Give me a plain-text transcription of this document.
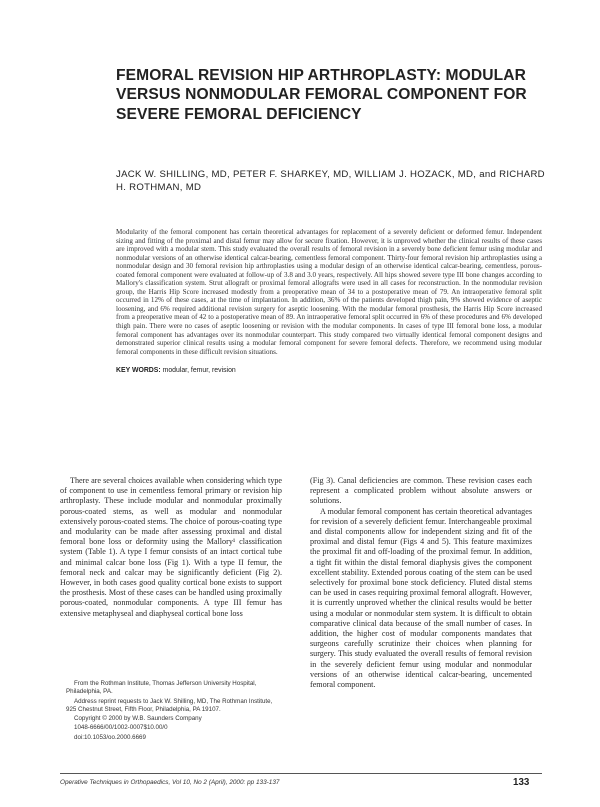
FEMORAL REVISION HIP ARTHROPLASTY: MODULAR VERSUS NONMODULAR FEMORAL COMPONENT FOR SEVERE FEMORAL DEFICIENCY

JACK W. SHILLING, MD, PETER F. SHARKEY, MD, WILLIAM J. HOZACK, MD, and RICHARD H. ROTHMAN, MD

Modularity of the femoral component has certain theoretical advantages for replacement of a severely deficient or deformed femur. Independent sizing and fitting of the proximal and distal femur may allow for secure fixation. However, it is unproved whether the clinical results of these cases are improved with a modular stem. This study evaluated the overall results of femoral revision in a severely bone deficient femur using modular and nonmodular versions of an otherwise identical calcar-bearing, cementless femoral component. Thirty-four femoral revision hip arthroplasties using a nonmodular design and 30 femoral revision hip arthroplasties using a modular design of an otherwise identical calcar-bearing, cementless, porous-coated femoral component were evaluated at follow-up of 3.8 and 3.0 years, respectively. All hips showed severe type III bone changes according to Mallory's classification system. Strut allograft or proximal femoral allografts were used in all cases for reconstruction. In the nonmodular revision group, the Harris Hip Score increased modestly from a preoperative mean of 34 to a postoperative mean of 79. An intraoperative femoral split occurred in 12% of these cases, at the time of implantation. In addition, 36% of the patients developed thigh pain, 9% showed evidence of aseptic loosening, and 6% required additional revision surgery for aseptic loosening. With the modular femoral prosthesis, the Harris Hip Score increased from a preoperative mean of 42 to a postoperative mean of 89. An intraoperative femoral split occurred in 6% of these procedures and 6% developed thigh pain. There were no cases of aseptic loosening or revision with the modular components. In cases of type III femoral bone loss, a modular femoral component has advantages over its nonmodular counterpart. This study compared two virtually identical femoral component designs and demonstrated superior clinical results using a modular femoral component for severe femoral defects. Therefore, we recommend using modular femoral components in these difficult revision situations.

KEY WORDS: modular, femur, revision

There are several choices available when considering which type of component to use in cementless femoral primary or revision hip arthroplasty. These include modular and nonmodular proximally porous-coated stems, as well as modular and nonmodular extensively porous-coated stems. The choice of porous-coating type and modularity can be made after assessing proximal and distal femoral bone loss or deformity using the Mallory¹ classification system (Table 1). A type I femur consists of an intact cortical tube and minimal calcar bone loss (Fig 1). With a type II femur, the femoral neck and calcar may be significantly deficient (Fig 2). However, in both cases good quality cortical bone exists to support the prosthesis. Most of these cases can be handled using proximally porous-coated, nonmodular components. A type III femur has extensive metaphyseal and diaphyseal cortical bone loss

(Fig 3). Canal deficiencies are common. These revision cases each represent a complicated problem without absolute answers or solutions.

A modular femoral component has certain theoretical advantages for revision of a severely deficient femur. Interchangeable proximal and distal components allow for independent sizing and fit of the proximal and distal femur (Figs 4 and 5). This feature maximizes the proximal fit and off-loading of the proximal femur. In addition, a tight fit within the distal femoral diaphysis gives the component excellent stability. Extended porous coating of the stem can be used selectively for proximal bone stock deficiency. Fluted distal stems can be used in cases requiring proximal femoral allograft. However, it is currently unproved whether the clinical results would be better using a modular or nonmodular stem system. It is difficult to obtain comparative clinical data because of the small number of cases. In addition, the higher cost of modular components mandates that surgeons carefully scrutinize their choices when planning for surgery. This study evaluated the overall results of femoral revision in the severely deficient femur using modular and nonmodular versions of an otherwise identical calcar-bearing, uncemented femoral component.

From the Rothman Institute, Thomas Jefferson University Hospital, Philadelphia, PA.

Address reprint requests to Jack W. Shilling, MD, The Rothman Institute, 925 Chestnut Street, Fifth Floor, Philadelphia, PA 19107.

Copyright © 2000 by W.B. Saunders Company

1048-6666/00/1002-0007$10.00/0

doi:10.1053/oo.2000.6669

Operative Techniques in Orthopaedics, Vol 10, No 2 (April), 2000: pp 133-137	133
